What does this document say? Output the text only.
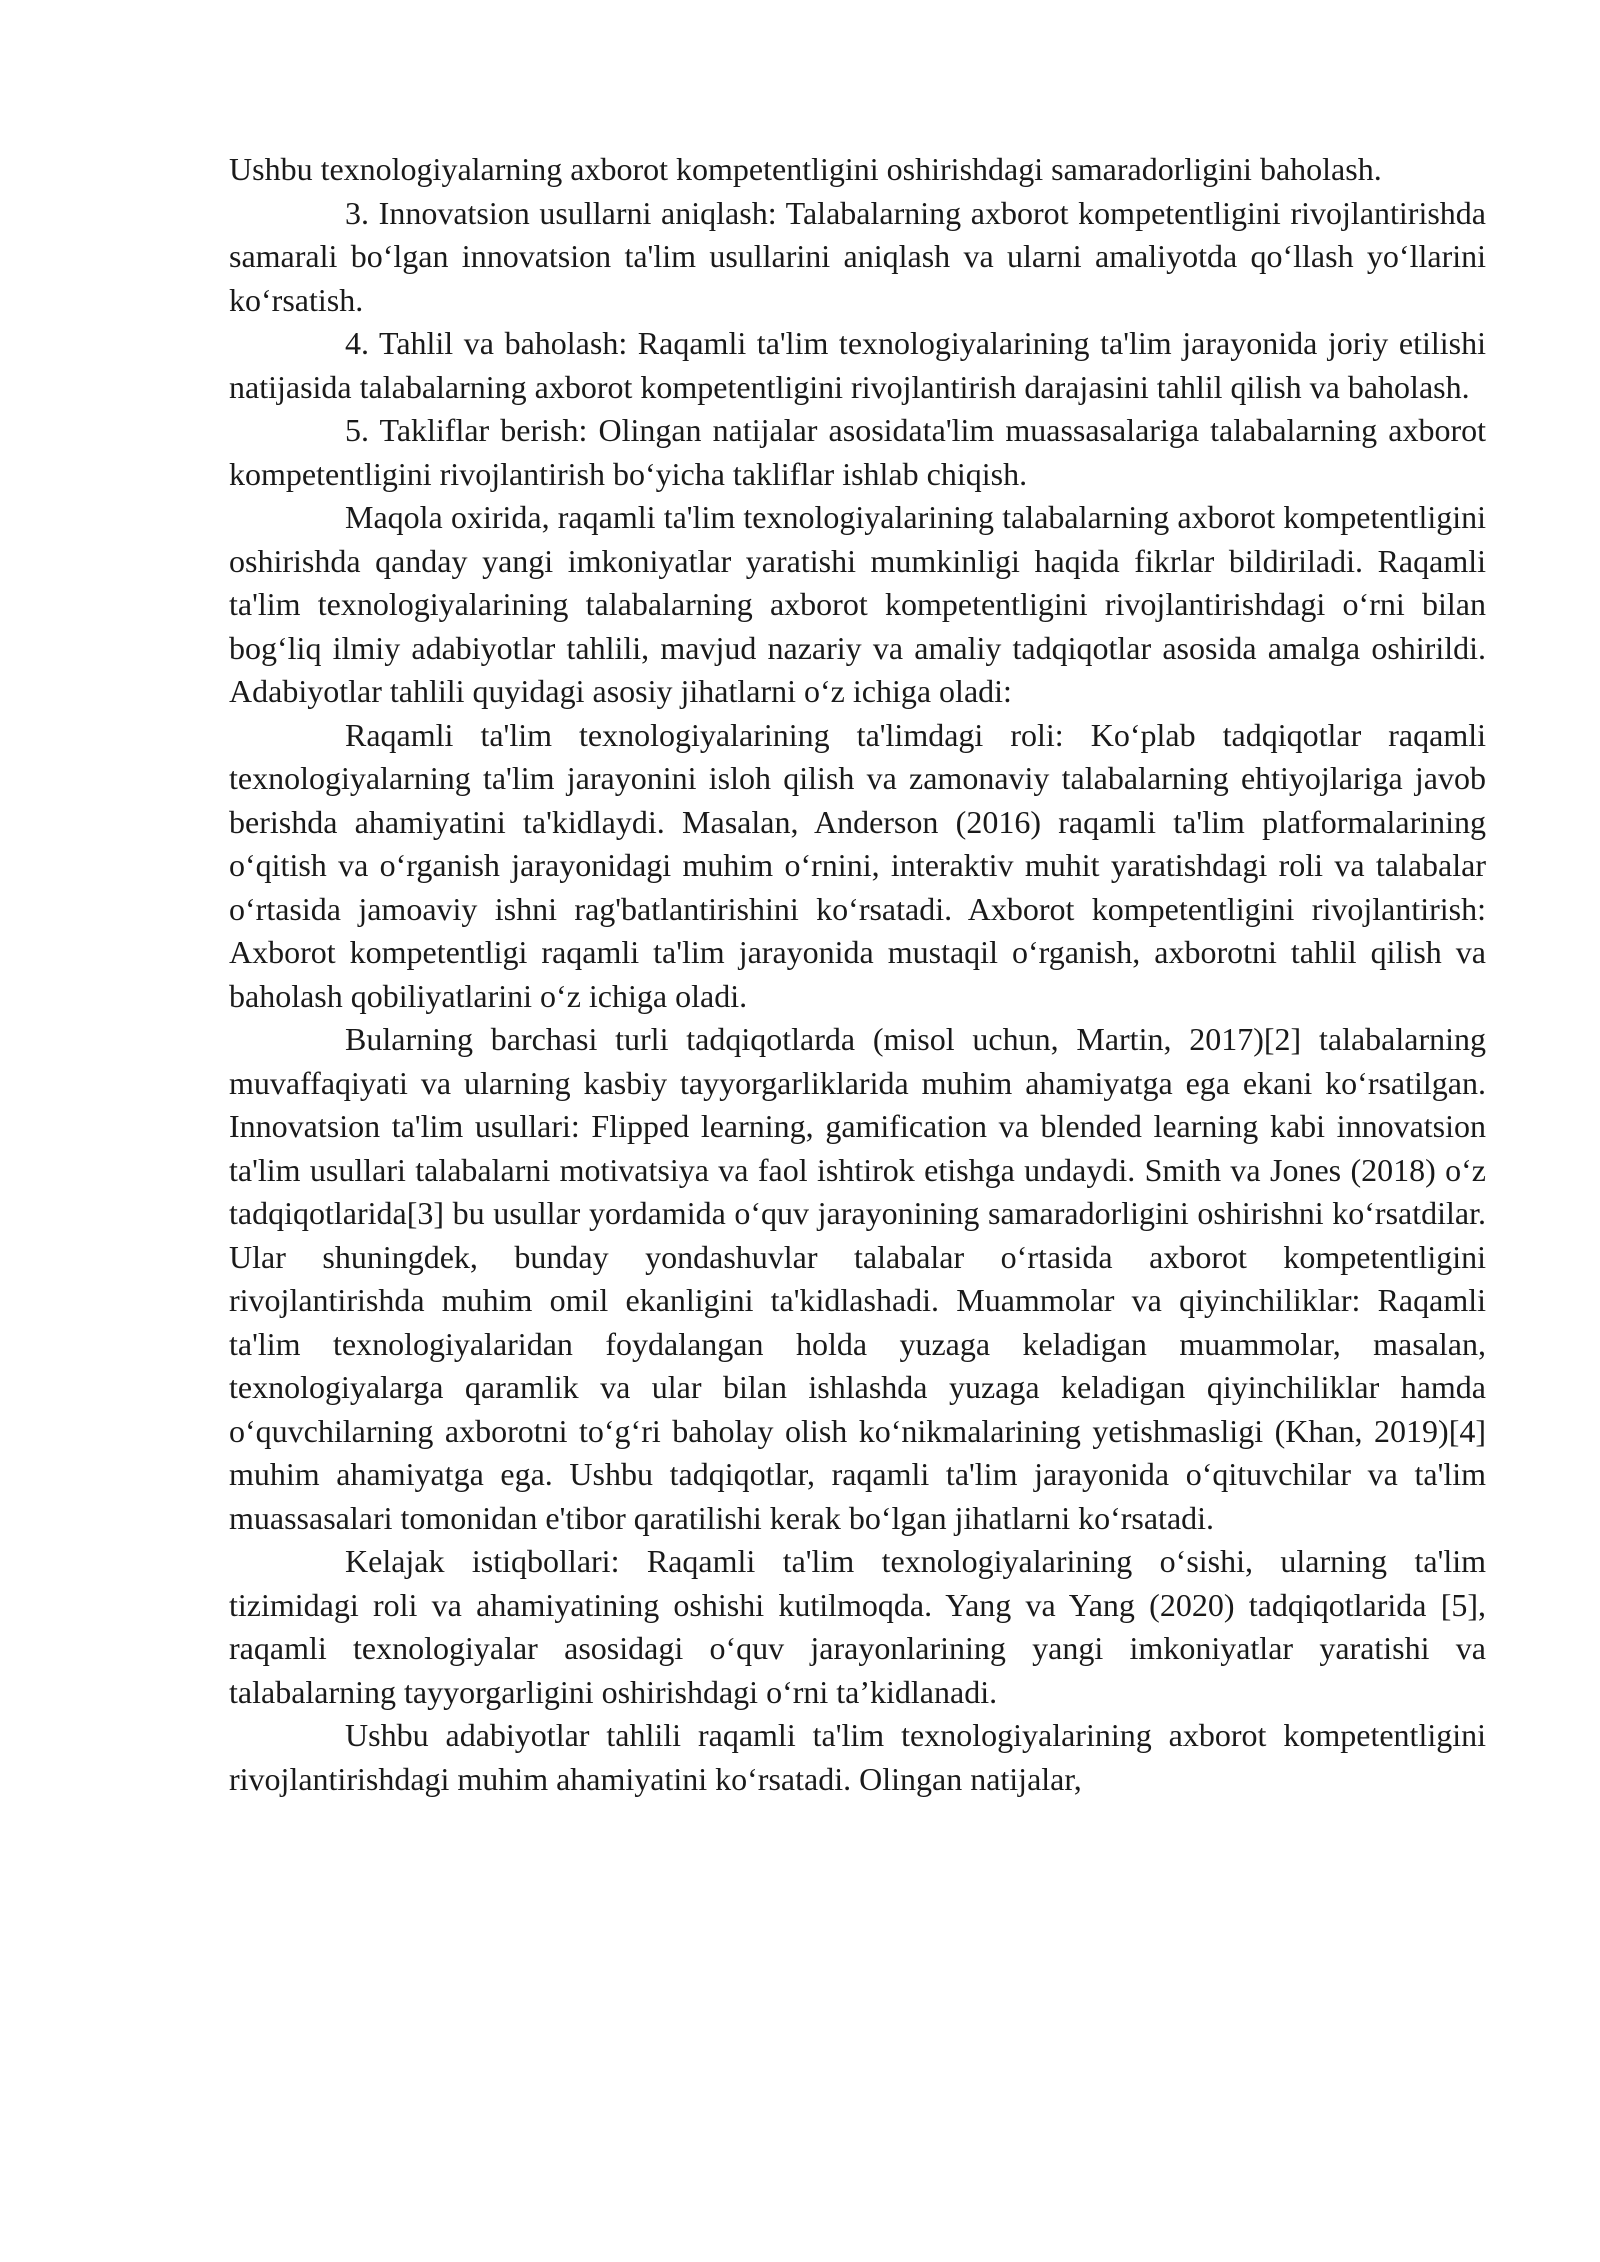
Ushbu texnologiyalarning axborot kompetentligini oshirishdagi samaradorligini baholash.

3. Innovatsion usullarni aniqlash: Talabalarning axborot kompetentligini rivojlantirishda samarali bo‘lgan innovatsion ta'lim usullarini aniqlash va ularni amaliyotda qo‘llash yo‘llarini ko‘rsatish.

4. Tahlil va baholash: Raqamli ta'lim texnologiyalarining ta'lim jarayonida joriy etilishi natijasida talabalarning axborot kompetentligini rivojlantirish darajasini tahlil qilish va baholash.

5. Takliflar berish: Olingan natijalar asosidata'lim muassasalariga talabalarning axborot kompetentligini rivojlantirish bo‘yicha takliflar ishlab chiqish.

Maqola oxirida, raqamli ta'lim texnologiyalarining talabalarning axborot kompetentligini oshirishda qanday yangi imkoniyatlar yaratishi mumkinligi haqida fikrlar bildiriladi. Raqamli ta'lim texnologiyalarining talabalarning axborot kompetentligini rivojlantirishdagi o‘rni bilan bog‘liq ilmiy adabiyotlar tahlili, mavjud nazariy va amaliy tadqiqotlar asosida amalga oshirildi. Adabiyotlar tahlili quyidagi asosiy jihatlarni o‘z ichiga oladi:

Raqamli ta'lim texnologiyalarining ta'limdagi roli: Ko‘plab tadqiqotlar raqamli texnologiyalarning ta'lim jarayonini isloh qilish va zamonaviy talabalarning ehtiyojlariga javob berishda ahamiyatini ta'kidlaydi. Masalan, Anderson (2016) raqamli ta'lim platformalarining o‘qitish va o‘rganish jarayonidagi muhim o‘rnini, interaktiv muhit yaratishdagi roli va talabalar o‘rtasida jamoaviy ishni rag'batlantirishini ko‘rsatadi. Axborot kompetentligini rivojlantirish: Axborot kompetentligi raqamli ta'lim jarayonida mustaqil o‘rganish, axborotni tahlil qilish va baholash qobiliyatlarini o‘z ichiga oladi.

Bularning barchasi turli tadqiqotlarda (misol uchun, Martin, 2017)[2] talabalarning muvaffaqiyati va ularning kasbiy tayyorgarliklarida muhim ahamiyatga ega ekani ko‘rsatilgan. Innovatsion ta'lim usullari: Flipped learning, gamification va blended learning kabi innovatsion ta'lim usullari talabalarni motivatsiya va faol ishtirok etishga undaydi. Smith va Jones (2018) o‘z tadqiqotlarida[3] bu usullar yordamida o‘quv jarayonining samaradorligini oshirishni ko‘rsatdilar. Ular shuningdek, bunday yondashuvlar talabalar o‘rtasida axborot kompetentligini rivojlantirishda muhim omil ekanligini ta'kidlashadi. Muammolar va qiyinchiliklar: Raqamli ta'lim texnologiyalaridan foydalangan holda yuzaga keladigan muammolar, masalan, texnologiyalarga qaramlik va ular bilan ishlashda yuzaga keladigan qiyinchiliklar hamda o‘quvchilarning axborotni to‘g‘ri baholay olish ko‘nikmalarining yetishmasligi (Khan, 2019)[4] muhim ahamiyatga ega. Ushbu tadqiqotlar, raqamli ta'lim jarayonida o‘qituvchilar va ta'lim muassasalari tomonidan e'tibor qaratilishi kerak bo‘lgan jihatlarni ko‘rsatadi.

Kelajak istiqbollari: Raqamli ta'lim texnologiyalarining o‘sishi, ularning ta'lim tizimidagi roli va ahamiyatining oshishi kutilmoqda. Yang va Yang (2020) tadqiqotlarida [5], raqamli texnologiyalar asosidagi o‘quv jarayonlarining yangi imkoniyatlar yaratishi va talabalarning tayyorgarligini oshirishdagi o‘rni ta’kidlanadi.

Ushbu adabiyotlar tahlili raqamli ta'lim texnologiyalarining axborot kompetentligini rivojlantirishdagi muhim ahamiyatini ko‘rsatadi. Olingan natijalar,
